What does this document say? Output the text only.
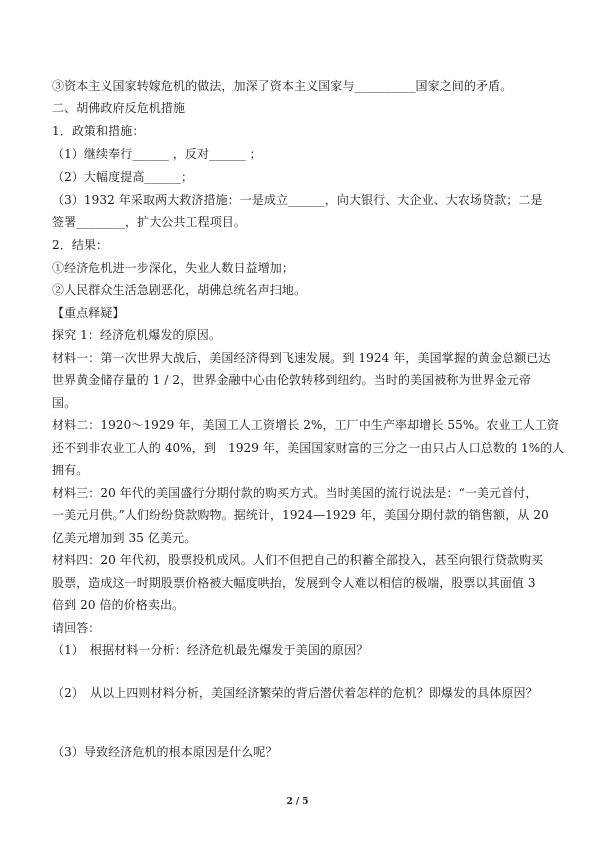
③资本主义国家转嫁危机的做法，加深了资本主义国家与__________国家之间的矛盾。
二、胡佛政府反危机措施
1．政策和措施：
（1）继续奉行______ ，反对______ ；
（2）大幅度提高______；
（3）1932 年采取两大救济措施：一是成立______，向大银行、大企业、大农场贷款；二是
签署________，扩大公共工程项目。
2．结果：
①经济危机进一步深化，失业人数日益增加；
②人民群众生活急剧恶化，胡佛总统名声扫地。
【重点释疑】
探究 1：经济危机爆发的原因。
材料一：第一次世界大战后，美国经济得到飞速发展。到 1924 年，美国掌握的黄金总额已达
世界黄金储存量的 1 / 2，世界金融中心由伦敦转移到纽约。当时的美国被称为世界金元帝
国。
材料二：1920～1929 年，美国工人工资增长 2%，工厂中生产率却增长 55%。农业工人工资
还不到非农业工人的 40%，到　1929 年，美国国家财富的三分之一由只占人口总数的 1%的人
拥有。
材料三：20 年代的美国盛行分期付款的购买方式。当时美国的流行说法是：“一美元首付，
一美元月供。”人们纷纷贷款购物。据统计，1924—1929 年，美国分期付款的销售额，从 20
亿美元增加到 35 亿美元。
材料四：20 年代初，股票投机成风。人们不但把自己的积蓄全部投入，甚至向银行贷款购买
股票，造成这一时期股票价格被大幅度哄抬，发展到令人难以相信的极端，股票以其面值 3
倍到 20 倍的价格卖出。
请回答：
（1）　根据材料一分析：经济危机最先爆发于美国的原因？
（2）　从以上四则材料分析，美国经济繁荣的背后潜伏着怎样的危机？即爆发的具体原因？
（3）导致经济危机的根本原因是什么呢？
2 / 5
